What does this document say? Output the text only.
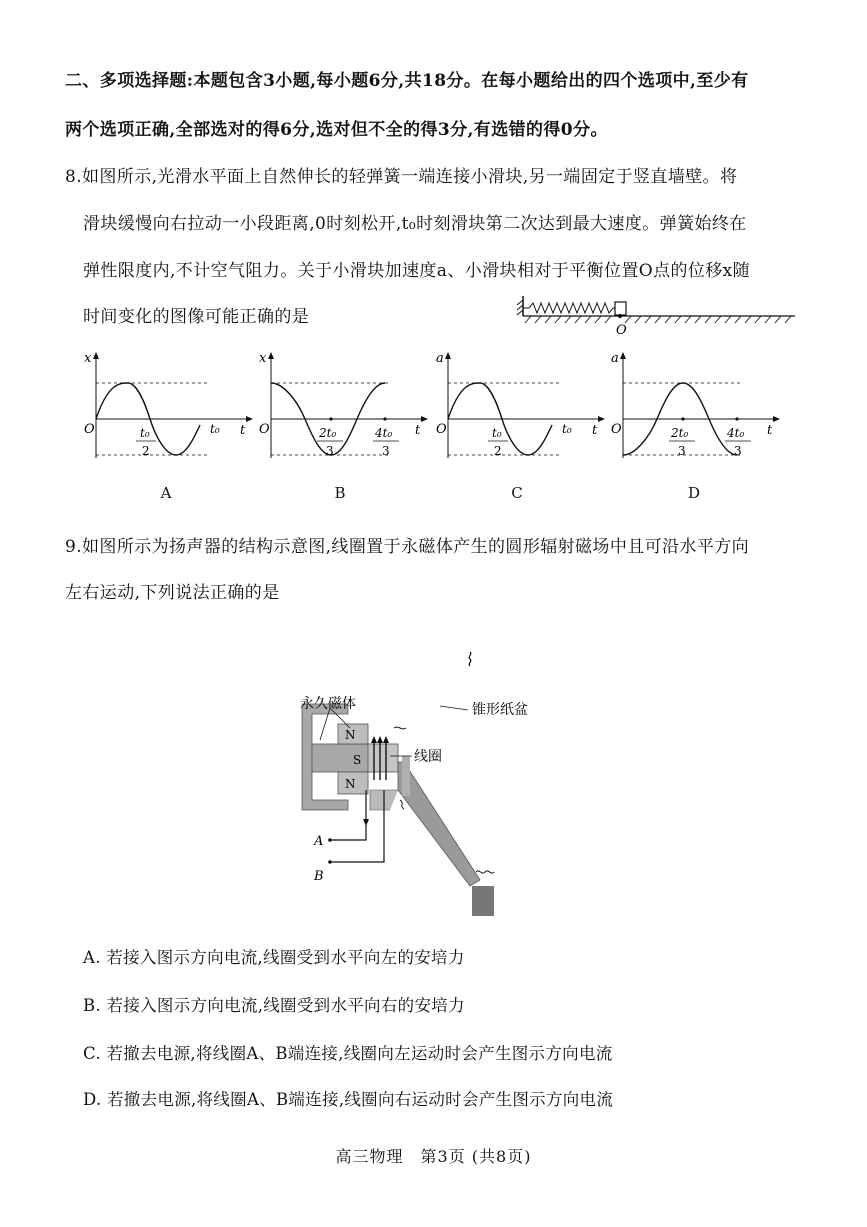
二、多项选择题:本题包含3小题,每小题6分,共18分。在每小题给出的四个选项中,至少有
两个选项正确,全部选对的得6分,选对但不全的得3分,有选错的得0分。
8.如图所示,光滑水平面上自然伸长的轻弹簧一端连接小滑块,另一端固定于竖直墙壁。将
滑块缓慢向右拉动一小段距离,0时刻松开,t₀时刻滑块第二次达到最大速度。弹簧始终在
弹性限度内,不计空气阻力。关于小滑块加速度a、小滑块相对于平衡位置O点的位移x随
时间变化的图像可能正确的是
O
x
O	t
t₀
2
t₀
x
O	t
2t₀
3
4t₀
3
a
O	t
t₀
2
t₀
a
O	t
2t₀
3
4t₀
3
A	B	C	D
9.如图所示为扬声器的结构示意图,线圈置于永磁体产生的圆形辐射磁场中且可沿水平方向
左右运动,下列说法正确的是
永久磁体	锥形纸盆
线圈
N
S
N
A
B
A. 若接入图示方向电流,线圈受到水平向左的安培力
B. 若接入图示方向电流,线圈受到水平向右的安培力
C. 若撤去电源,将线圈A、B端连接,线圈向左运动时会产生图示方向电流
D. 若撤去电源,将线圈A、B端连接,线圈向右运动时会产生图示方向电流
高三物理　第3页 (共8页)
